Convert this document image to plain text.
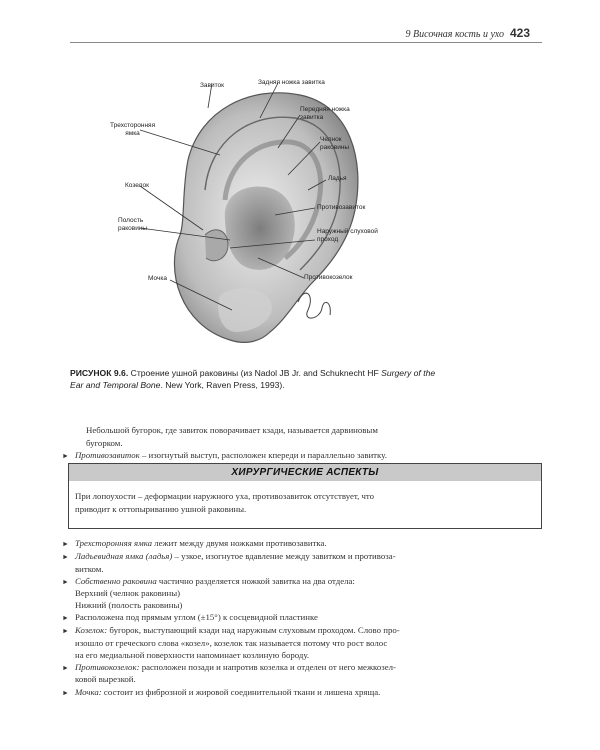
9 Височная кость и ухо 423
Завиток	Задняя ножка завитка
Передняя ножка завитка
Трехсторонняя ямка
Челнок раковины
Ладья
Козелок
Противозавиток
Полость раковины	Наружный слуховой проход
Мочка	Противокозелок
РИСУНОК 9.6. Строение ушной раковины (из Nadol JB Jr. and Schuknecht HF Surgery of the Ear and Temporal Bone. New York, Raven Press, 1993).
Небольшой бугорок, где завиток поворачивает кзади, называется дарвиновым
бугорком.
► Противозавиток – изогнутый выступ, расположен кпереди и параллельно завитку.
ХИРУРГИЧЕСКИЕ АСПЕКТЫ
При лопоухости – деформации наружного уха, противозавиток отсутствует, что
приводит к оттопыриванию ушной раковины.
► Трехсторонняя ямка лежит между двумя ножками противозавитка.
► Ладьевидная ямка (ладья) – узкое, изогнутое вдавление между завитком и противоза-
витком.
► Собственно раковина частично разделяется ножкой завитка на два отдела:
Верхний (челнок раковины)
Нижний (полость раковины)
► Расположена под прямым углом (±15°) к сосцевидной пластинке
► Козелок: бугорок, выступающий кзади над наружным слуховым проходом. Слово про-
изошло от греческого слова «козел», козелок так называется потому что рост волос
на его медиальной поверхности напоминает козлиную бороду.
► Противокозелок: расположен позади и напротив козелка и отделен от него межкозел-
ковой вырезкой.
► Мочка: состоит из фиброзной и жировой соединительной ткани и лишена хряща.
